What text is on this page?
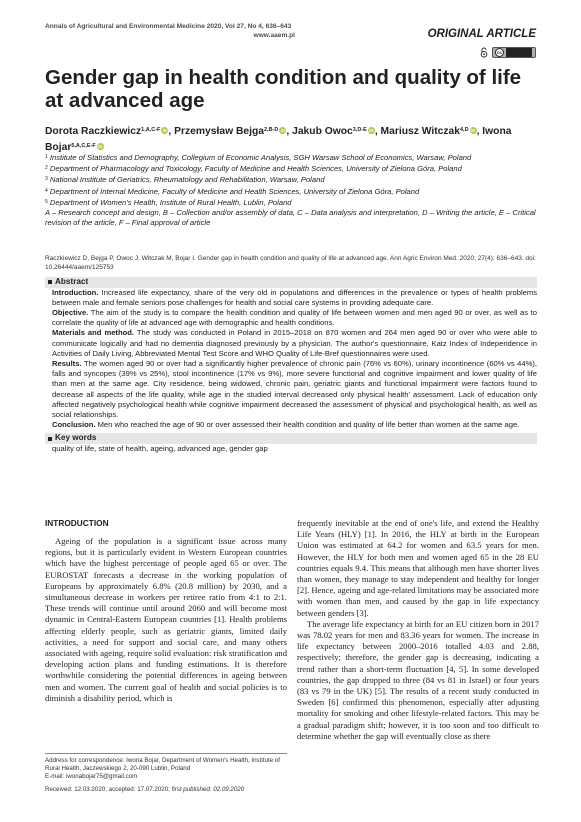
Annals of Agricultural and Environmental Medicine 2020, Vol 27, No 4, 636–643
www.aaem.pl	ORIGINAL ARTICLE
cc
Gender gap in health condition and quality of life at advanced age
Dorota Raczkiewicz$^{1,A,C-F}$ iD, Przemysław Bejga$^{2,B-D}$ iD, Jakub Owoc$^{3,D-E}$ iD, Mariusz Witczak$^{4,D}$ iD, Iwona Bojar$^{5,A,C,E-F}$ iD
$^1$ Institute of Statistics and Demography, Collegium of Economic Analysis, SGH Warsaw School of Economics, Warsaw, Poland
$^2$ Department of Pharmacology and Toxicology, Faculty of Medicine and Health Sciences, University of Zielona Góra, Poland
$^3$ National Institute of Geriatrics, Rheumatology and Rehabilitation, Warsaw, Poland
$^4$ Department of Internal Medicine, Faculty of Medicine and Health Sciences, University of Zielona Góra, Poland
$^5$ Department of Women's Health, Institute of Rural Health, Lublin, Poland
A – Research concept and design, B – Collection and/or assembly of data, C – Data analysis and interpretation, D – Writing the article, E – Critical revision of the article, F – Final approval of article
Raczkiewicz D, Bejga P, Owoc J, Witczak M, Bojar I. Gender gap in health condition and quality of life at advanced age. Ann Agric Environ Med. 2020; 27(4): 636–643. doi: 10.26444/aaem/125753
Abstract

Introduction. Increased life expectancy, share of the very old in populations and differences in the prevalence or types of health problems between male and female seniors pose challenges for health and social care systems in providing adequate care.

Objective. The aim of the study is to compare the health condition and quality of life between women and men aged 90 or over, as well as to correlate the quality of life at advanced age with demographic and health conditions.

Materials and method. The study was conducted in Poland in 2015–2018 on 870 women and 264 men aged 90 or over who were able to communicate logically and had no dementia diagnosed previously by a physician. The author's questionnaire, Katz Index of Independence in Activities of Daily Living, Abbreviated Mental Test Score and WHO Quality of Life-Bref questionnaires were used.

Results. The women aged 90 or over had a significantly higher prevalence of chronic pain (76% vs 60%), urinary incontinence (60% vs 44%), falls and syncopes (39% vs 25%), stool incontinence (17% vs 9%), more severe functional and cognitive impairment and lower quality of life than men at the same age. City residence, being widowed, chronic pain, geriatric giants and functional impairment were factors found to decrease all aspects of the life quality, while age in the studied interval decreased only physical health' assessment. Lack of education only affected negatively psychological health while cognitive impairment decreased the assessment of physical and psychological health, as well as social relationships.

Conclusion. Men who reached the age of 90 or over assessed their health condition and quality of life better than women at the same age.

Key words
quality of life, state of health, ageing, advanced age, gender gap
INTRODUCTION

Ageing of the population is a significant issue across many regions, but it is particularly evident in Western European countries which have the highest percentage of people aged 65 or over. The EUROSTAT forecasts a decrease in the working population of Europeans by approximately 6.8% (20.8 million) by 2030, and a simultaneous decrease in workers per retiree ratio from 4:1 to 2:1. These trends will continue until around 2060 and will become most dynamic in Central-Eastern European countries [1]. Health problems affecting elderly people, such as geriatric giants, limited daily activities, a need for support and social care, and many others associated with ageing, require solid evaluation: risk stratification and developing action plans and funding estimations. It is therefore worthwhile considering the potential differences in ageing between men and women. The current goal of health and social policies is to diminish a disability period, which is

frequently inevitable at the end of one's life, and extend the Healthy Life Years (HLY) [1]. In 2016, the HLY at birth in the European Union was estimated at 64.2 for women and 63.5 years for men. However, the HLY for both men and women aged 65 in the 28 EU countries equals 9.4. This means that although men have shorter lives than women, they manage to stay independent and healthy for longer [2]. Hence, ageing and age-related limitations may be associated more with women than men, and caused by the gap in life expectancy between genders [3].

The average life expectancy at birth for an EU citizen born in 2017 was 78.02 years for men and 83.36 years for women. The increase in life expectancy between 2000–2016 totalled 4.03 and 2.88, respectively; therefore, the gender gap is decreasing, indicating a trend rather than a short-term fluctuation [4, 5]. In some developed countries, the gap dropped to three (84 vs 81 in Israel) or four years (83 vs 79 in the UK) [5]. The results of a recent study conducted in Sweden [6] confirmed this phenomenon, especially after adjusting mortality for smoking and other lifestyle-related factors. This may be a gradual paradigm shift; however, it is too soon and too difficult to determine whether the gap will eventually close as there

Address for correspondence: Iwona Bojar, Department of Women's Health, Institute of Rural Health, Jaczewskiego 2, 20-090 Lublin, Poland
E-mail: iwonabojar75@gmail.com
Received: 12.03.2020; accepted: 17.07.2020; first published: 02.09.2020
